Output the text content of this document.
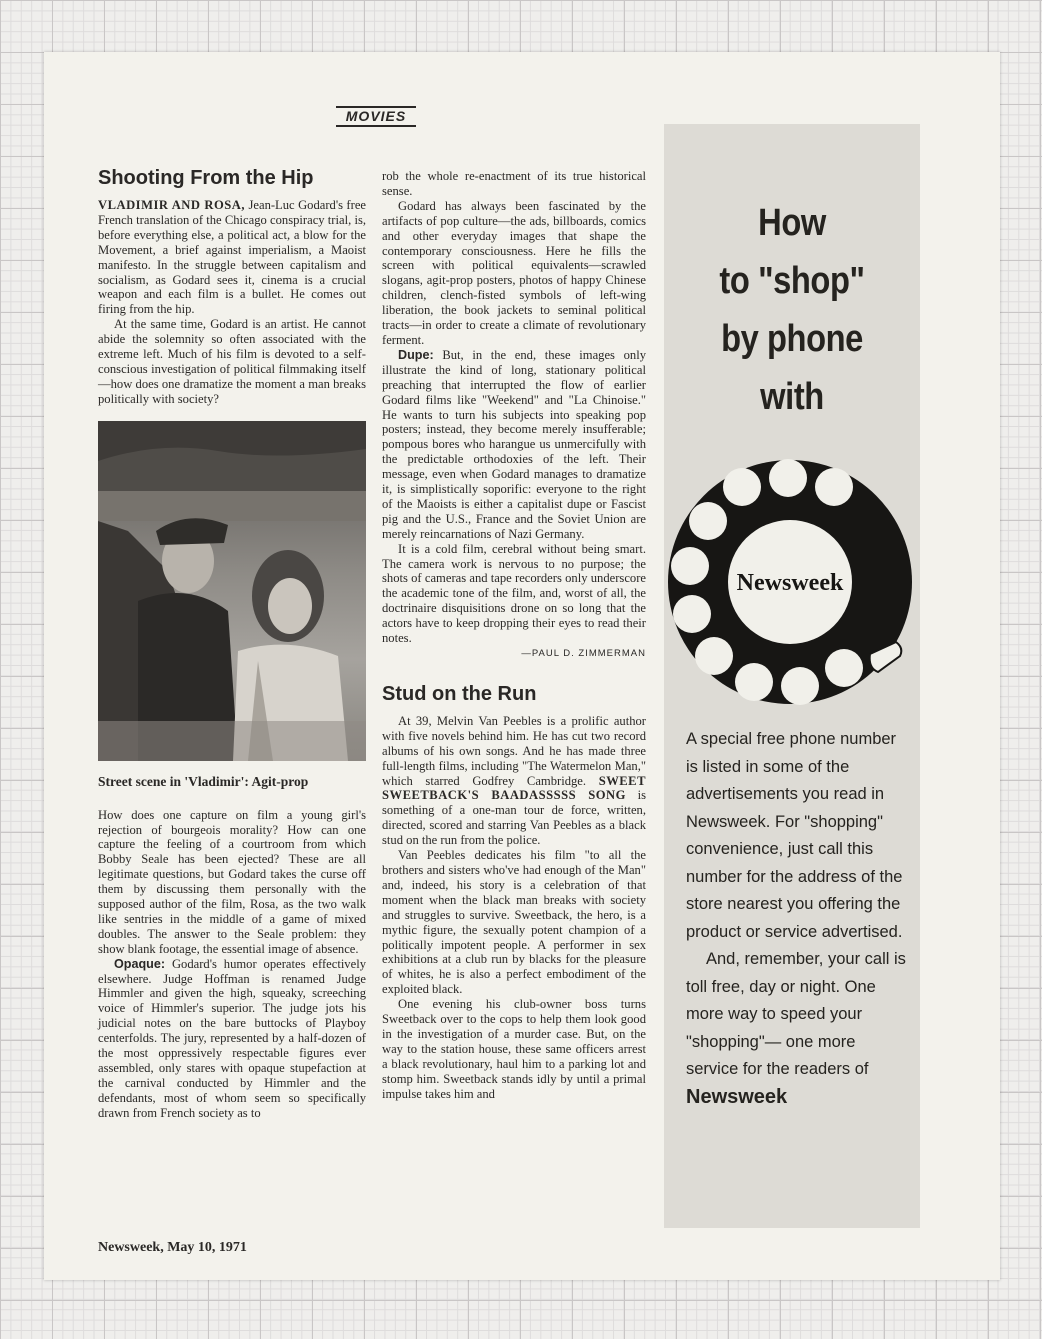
MOVIES
Shooting From the Hip

VLADIMIR AND ROSA, Jean-Luc Godard's free French translation of the Chicago conspiracy trial, is, before everything else, a political act, a blow for the Movement, a brief against imperialism, a Maoist manifesto. In the struggle between capitalism and socialism, as Godard sees it, cinema is a crucial weapon and each film is a bullet. He comes out firing from the hip.

At the same time, Godard is an artist. He cannot abide the solemnity so often associated with the extreme left. Much of his film is devoted to a self-conscious investigation of political filmmaking itself—how does one dramatize the moment a man breaks politically with society?

Street scene in 'Vladimir': Agit-prop

How does one capture on film a young girl's rejection of bourgeois morality? How can one capture the feeling of a courtroom from which Bobby Seale has been ejected? These are all legitimate questions, but Godard takes the curse off them by discussing them personally with the supposed author of the film, Rosa, as the two walk like sentries in the middle of a game of mixed doubles. The answer to the Seale problem: they show blank footage, the essential image of absence.

Opaque: Godard's humor operates effectively elsewhere. Judge Hoffman is renamed Judge Himmler and given the high, squeaky, screeching voice of Himmler's superior. The judge jots his judicial notes on the bare buttocks of Playboy centerfolds. The jury, represented by a half-dozen of the most oppressively respectable figures ever assembled, only stares with opaque stupefaction at the carnival conducted by Himmler and the defendants, most of whom seem so specifically drawn from French society as to

rob the whole re-enactment of its true historical sense.

Godard has always been fascinated by the artifacts of pop culture—the ads, billboards, comics and other everyday images that shape the contemporary consciousness. Here he fills the screen with political equivalents—scrawled slogans, agit-prop posters, photos of happy Chinese children, clench-fisted symbols of left-wing liberation, the book jackets to seminal political tracts—in order to create a climate of revolutionary ferment.

Dupe: But, in the end, these images only illustrate the kind of long, stationary political preaching that interrupted the flow of earlier Godard films like "Weekend" and "La Chinoise." He wants to turn his subjects into speaking pop posters; instead, they become merely insufferable; pompous bores who harangue us unmercifully with the predictable orthodoxies of the left. Their message, even when Godard manages to dramatize it, is simplistically soporific: everyone to the right of the Maoists is either a capitalist dupe or Fascist pig and the U.S., France and the Soviet Union are merely reincarnations of Nazi Germany.

It is a cold film, cerebral without being smart. The camera work is nervous to no purpose; the shots of cameras and tape recorders only underscore the academic tone of the film, and, worst of all, the doctrinaire disquisitions drone on so long that the actors have to keep dropping their eyes to read their notes.

—PAUL D. ZIMMERMAN
Stud on the Run

At 39, Melvin Van Peebles is a prolific author with five novels behind him. He has cut two record albums of his own songs. And he has made three full-length films, including "The Watermelon Man," which starred Godfrey Cambridge. SWEET SWEETBACK'S BAADASSSSS SONG is something of a one-man tour de force, written, directed, scored and starring Van Peebles as a black stud on the run from the police.

Van Peebles dedicates his film "to all the brothers and sisters who've had enough of the Man" and, indeed, his story is a celebration of that moment when the black man breaks with society and struggles to survive. Sweetback, the hero, is a mythic figure, the sexually potent champion of a politically impotent people. A performer in sex exhibitions at a club run by blacks for the pleasure of whites, he is also a perfect embodiment of the exploited black.

One evening his club-owner boss turns Sweetback over to the cops to help them look good in the investigation of a murder case. But, on the way to the station house, these same officers arrest a black revolutionary, haul him to a parking lot and stomp him. Sweetback stands idly by until a primal impulse takes him and

Newsweek, May 10, 1971
How
to "shop"
by phone
with
Newsweek

A special free phone number is listed in some of the advertisements you read in Newsweek. For "shopping" convenience, just call this number for the address of the store nearest you offering the product or service advertised.

And, remember, your call is toll free, day or night. One more way to speed your "shopping"— one more service for the readers of Newsweek
